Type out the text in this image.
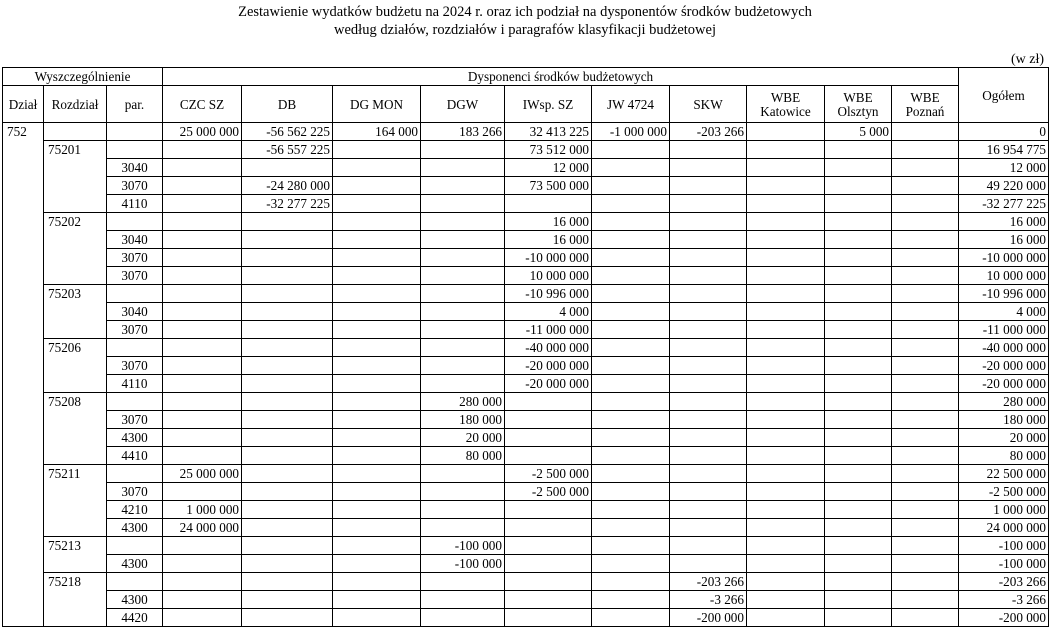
Zestawienie wydatków budżetu na 2024 r. oraz ich podział na dysponentów środków budżetowych
według działów, rozdziałów i paragrafów klasyfikacji budżetowej
(w zł)
Wyszczególnienie			Dysponenci środków budżetowych										Ogółem
Dział	Rozdział	par.	CZC SZ	DB	DG MON	DGW	IWsp. SZ	JW 4724	SKW	WBE Katowice	WBE Olsztyn	WBE Poznań	
752			25 000 000	-56 562 225	164 000	183 266	32 413 225	-1 000 000	-203 266		5 000		0
	75201			-56 557 225			73 512 000						16 954 775
		3040					12 000						12 000
		3070		-24 280 000			73 500 000						49 220 000
		4110		-32 277 225									-32 277 225
	75202						16 000						16 000
		3040					16 000						16 000
		3070					-10 000 000						-10 000 000
		3070					10 000 000						10 000 000
	75203						-10 996 000						-10 996 000
		3040					4 000						4 000
		3070					-11 000 000						-11 000 000
	75206						-40 000 000						-40 000 000
		3070					-20 000 000						-20 000 000
		4110					-20 000 000						-20 000 000
	75208					280 000							280 000
		3070				180 000							180 000
		4300				20 000							20 000
		4410				80 000							80 000
	75211		25 000 000				-2 500 000						22 500 000
		3070					-2 500 000						-2 500 000
		4210	1 000 000										1 000 000
		4300	24 000 000										24 000 000
	75213					-100 000							-100 000
		4300				-100 000							-100 000
	75218								-203 266				-203 266
		4300							-3 266				-3 266
		4420							-200 000				-200 000
